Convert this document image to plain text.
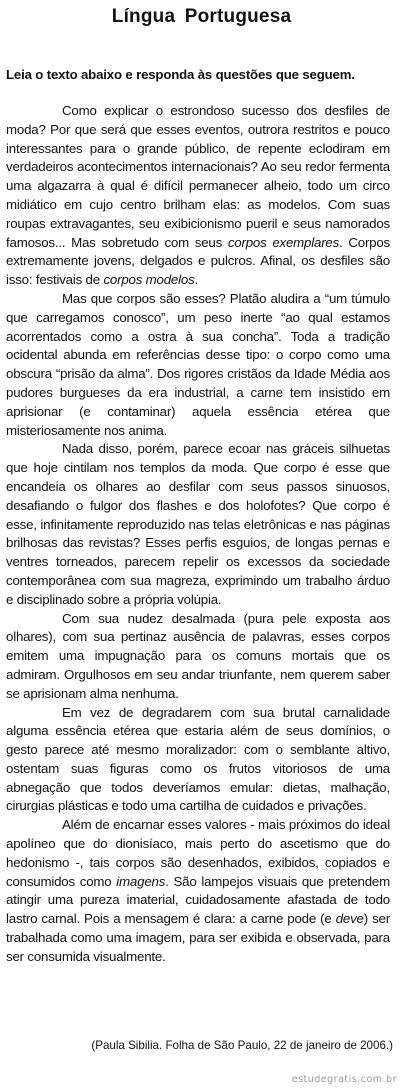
Língua Portuguesa

Leia o texto abaixo e responda às questões que seguem.

Como explicar o estrondoso sucesso dos desfiles de moda? Por que será que esses eventos, outrora restritos e pouco interessantes para o grande público, de repente eclodiram em verdadeiros acontecimentos internacionais? Ao seu redor fermenta uma algazarra à qual é difícil permanecer alheio, todo um circo midiático em cujo centro brilham elas: as modelos. Com suas roupas extravagantes, seu exibicionismo pueril e seus namorados famosos... Mas sobretudo com seus corpos exemplares. Corpos extremamente jovens, delgados e pulcros. Afinal, os desfiles são isso: festivais de corpos modelos.

Mas que corpos são esses? Platão aludira a “um túmulo que carregamos conosco”, um peso inerte “ao qual estamos acorrentados como a ostra à sua concha”. Toda a tradição ocidental abunda em referências desse tipo: o corpo como uma obscura “prisão da alma”. Dos rigores cristãos da Idade Média aos pudores burgueses da era industrial, a carne tem insistido em aprisionar (e contaminar) aquela essência etérea que misteriosamente nos anima.

Nada disso, porém, parece ecoar nas gráceis silhuetas que hoje cintilam nos templos da moda. Que corpo é esse que encandeia os olhares ao desfilar com seus passos sinuosos, desafiando o fulgor dos flashes e dos holofotes? Que corpo é esse, infinitamente reproduzido nas telas eletrônicas e nas páginas brilhosas das revistas? Esses perfis esguios, de longas pernas e ventres torneados, parecem repelir os excessos da sociedade contemporânea com sua magreza, exprimindo um trabalho árduo e disciplinado sobre a própria volúpia.

Com sua nudez desalmada (pura pele exposta aos olhares), com sua pertinaz ausência de palavras, esses corpos emitem uma impugnação para os comuns mortais que os admiram. Orgulhosos em seu andar triunfante, nem querem saber se aprisionam alma nenhuma.

Em vez de degradarem com sua brutal carnalidade alguma essência etérea que estaria além de seus domínios, o gesto parece até mesmo moralizador: com o semblante altivo, ostentam suas figuras como os frutos vitoriosos de uma abnegação que todos deveríamos emular: dietas, malhação, cirurgias plásticas e todo uma cartilha de cuidados e privações.

Além de encarnar esses valores - mais próximos do ideal apolíneo que do dionisíaco, mais perto do ascetismo que do hedonismo -, tais corpos são desenhados, exibidos, copiados e consumidos como imagens. São lampejos visuais que pretendem atingir uma pureza imaterial, cuidadosamente afastada de todo lastro carnal. Pois a mensagem é clara: a carne pode (e deve) ser trabalhada como uma imagem, para ser exibida e observada, para ser consumida visualmente.

(Paula Sibilia. Folha de São Paulo, 22 de janeiro de 2006.)

estudegratis.com.br
